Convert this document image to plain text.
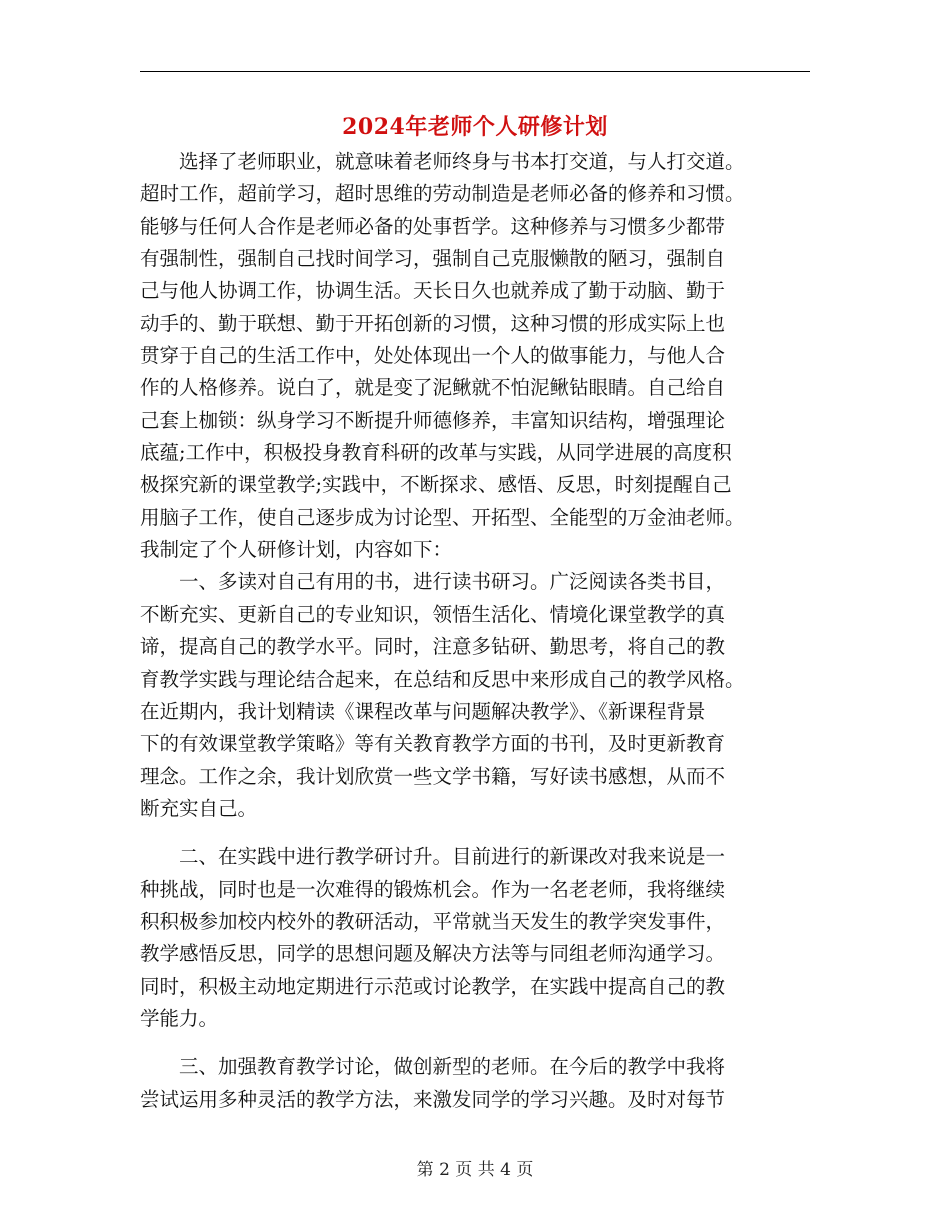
2024年老师个人研修计划
　　选择了老师职业，就意味着老师终身与书本打交道，与人打交道。
超时工作，超前学习，超时思维的劳动制造是老师必备的修养和习惯。
能够与任何人合作是老师必备的处事哲学。这种修养与习惯多少都带
有强制性，强制自己找时间学习，强制自己克服懒散的陋习，强制自
己与他人协调工作，协调生活。天长日久也就养成了勤于动脑、勤于
动手的、勤于联想、勤于开拓创新的习惯，这种习惯的形成实际上也
贯穿于自己的生活工作中，处处体现出一个人的做事能力，与他人合
作的人格修养。说白了，就是变了泥鳅就不怕泥鳅钻眼睛。自己给自
己套上枷锁：纵身学习不断提升师德修养，丰富知识结构，增强理论
底蕴;工作中，积极投身教育科研的改革与实践，从同学进展的高度积
极探究新的课堂教学;实践中，不断探求、感悟、反思，时刻提醒自己
用脑子工作，使自己逐步成为讨论型、开拓型、全能型的万金油老师。
我制定了个人研修计划，内容如下：
　　一、多读对自己有用的书，进行读书研习。广泛阅读各类书目，
不断充实、更新自己的专业知识，领悟生活化、情境化课堂教学的真
谛，提高自己的教学水平。同时，注意多钻研、勤思考，将自己的教
育教学实践与理论结合起来，在总结和反思中来形成自己的教学风格。
在近期内，我计划精读《课程改革与问题解决教学》、《新课程背景
下的有效课堂教学策略》等有关教育教学方面的书刊，及时更新教育
理念。工作之余，我计划欣赏一些文学书籍，写好读书感想，从而不
断充实自己。
　　二、在实践中进行教学研讨升。目前进行的新课改对我来说是一
种挑战，同时也是一次难得的锻炼机会。作为一名老老师，我将继续
积积极参加校内校外的教研活动，平常就当天发生的教学突发事件，
教学感悟反思，同学的思想问题及解决方法等与同组老师沟通学习。
同时，积极主动地定期进行示范或讨论教学，在实践中提高自己的教
学能力。
　　三、加强教育教学讨论，做创新型的老师。在今后的教学中我将
尝试运用多种灵活的教学方法，来激发同学的学习兴趣。及时对每节
第 2 页 共 4 页
